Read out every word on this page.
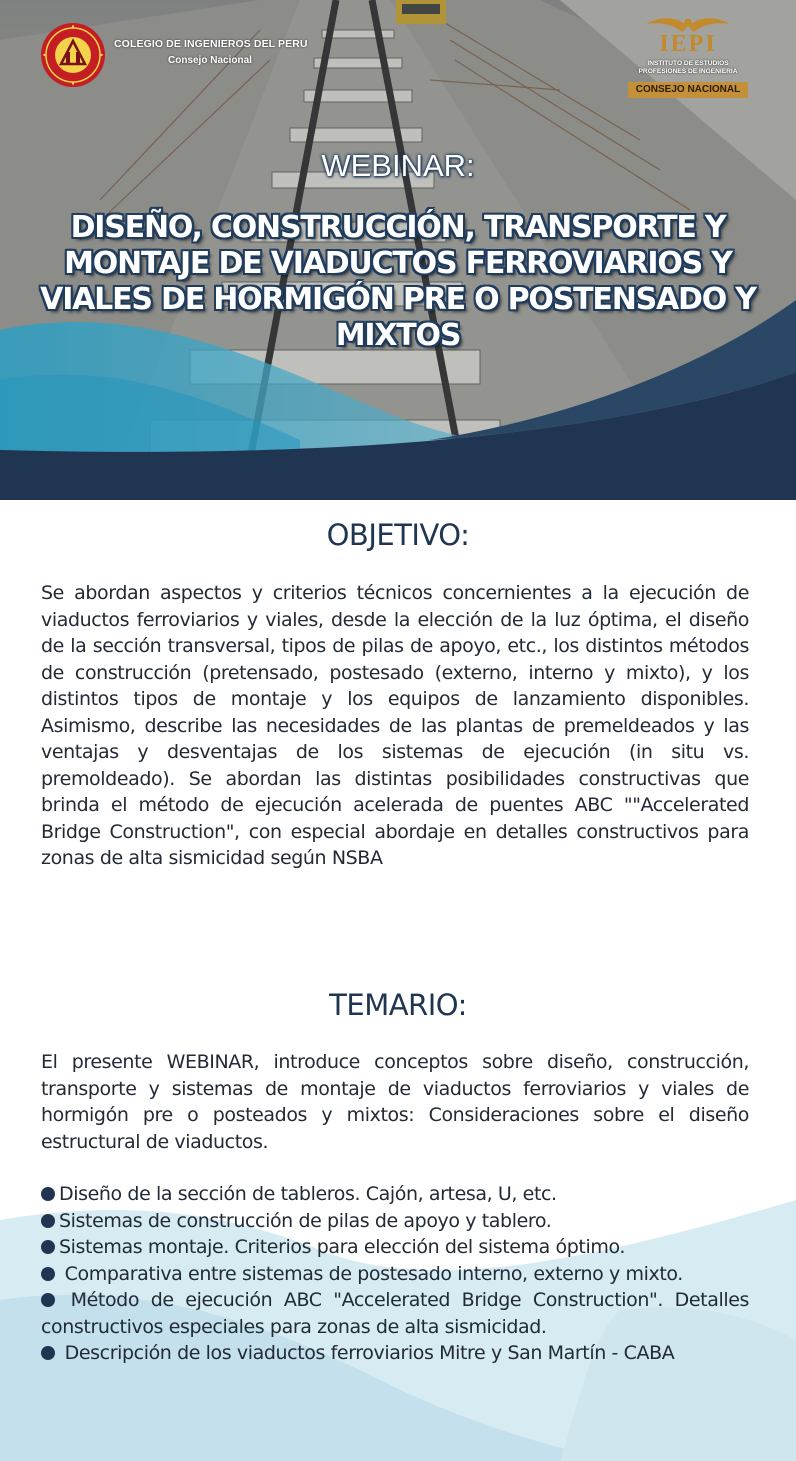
COLEGIO DE INGENIEROS DEL PERU
Consejo Nacional
IEPI
INSTITUTO DE ESTUDIOS PROFESIONES DE INGENIERIA
CONSEJO NACIONAL
WEBINAR:
DISEÑO, CONSTRUCCIÓN, TRANSPORTE Y MONTAJE DE VIADUCTOS FERROVIARIOS Y VIALES DE HORMIGÓN PRE O POSTENSADO Y MIXTOS
OBJETIVO:

Se abordan aspectos y criterios técnicos concernientes a la ejecución de viaductos ferroviarios y viales, desde la elección de la luz óptima, el diseño de la sección transversal, tipos de pilas de apoyo, etc., los distintos métodos de construcción (pretensado, postesado (externo, interno y mixto), y los distintos tipos de montaje y los equipos de lanzamiento disponibles. Asimismo, describe las necesidades de las plantas de premeldeados y las ventajas y desventajas de los sistemas de ejecución (in situ vs. premoldeado). Se abordan las distintas posibilidades constructivas que brinda el método de ejecución acelerada de puentes ABC ""Accelerated Bridge Construction", con especial abordaje en detalles constructivos para zonas de alta sismicidad según NSBA

TEMARIO:

El presente WEBINAR, introduce conceptos sobre diseño, construcción, transporte y sistemas de montaje de viaductos ferroviarios y viales de hormigón pre o posteados y mixtos: Consideraciones sobre el diseño estructural de viaductos.

Diseño de la sección de tableros. Cajón, artesa, U, etc.
Sistemas de construcción de pilas de apoyo y tablero.
Sistemas montaje. Criterios para elección del sistema óptimo.
Comparativa entre sistemas de postesado interno, externo y mixto.
Método de ejecución ABC "Accelerated Bridge Construction". Detalles constructivos especiales para zonas de alta sismicidad.
Descripción de los viaductos ferroviarios Mitre y San Martín - CABA
